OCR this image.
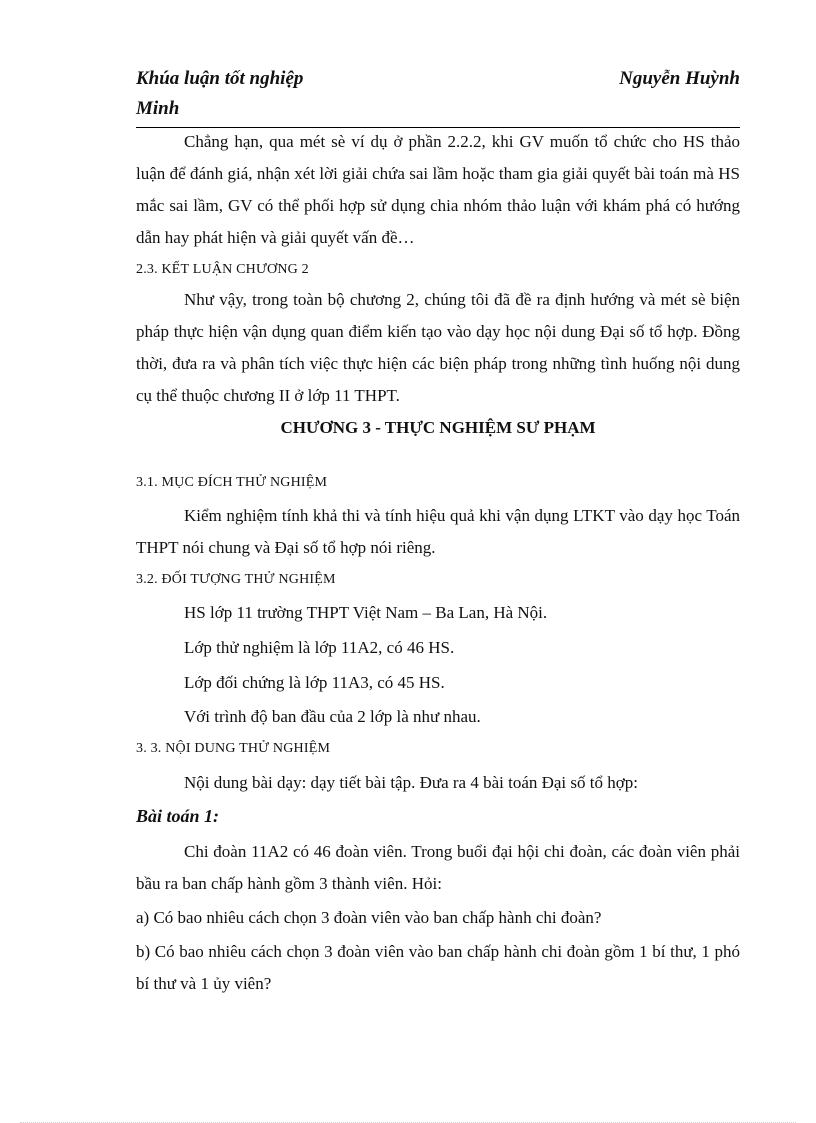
Khúa luận tốt nghiệp	Nguyễn Huỳnh
Minh

Chẳng hạn, qua mét sè ví dụ ở phần 2.2.2, khi GV muốn tổ chức cho HS thảo luận để đánh giá, nhận xét lời giải chứa sai lầm hoặc tham gia giải quyết bài toán mà HS mắc sai lầm, GV có thể phối hợp sử dụng chia nhóm thảo luận với khám phá có hướng dẫn hay phát hiện và giải quyết vấn đề…

2.3. KẾT LUẬN CHƯƠNG 2

Như vậy, trong toàn bộ chương 2, chúng tôi đã đề ra định hướng và mét sè biện pháp thực hiện vận dụng quan điểm kiến tạo vào dạy học nội dung Đại số tổ hợp. Đồng thời, đưa ra và phân tích việc thực hiện các biện pháp trong những tình huống nội dung cụ thể thuộc chương II ở lớp 11 THPT.

CHƯƠNG 3 - THỰC NGHIỆM SƯ PHẠM
3.1. MỤC ĐÍCH THỬ NGHIỆM

Kiểm nghiệm tính khả thi và tính hiệu quả khi vận dụng LTKT vào dạy học Toán THPT nói chung và Đại số tổ hợp nói riêng.

3.2. ĐỐI TƯỢNG THỬ NGHIỆM
HS lớp 11 trường THPT Việt Nam – Ba Lan, Hà Nội.
Lớp thử nghiệm là lớp 11A2, có 46 HS.
Lớp đối chứng là lớp 11A3, có 45 HS.
Với trình độ ban đầu của 2 lớp là như nhau.
3. 3. NỘI DUNG THỬ NGHIỆM
Nội dung bài dạy: dạy tiết bài tập. Đưa ra 4 bài toán Đại số tổ hợp:
Bài toán 1:

Chi đoàn 11A2 có 46 đoàn viên. Trong buổi đại hội chi đoàn, các đoàn viên phải bầu ra ban chấp hành gồm 3 thành viên. Hỏi:

a) Có bao nhiêu cách chọn 3 đoàn viên vào ban chấp hành chi đoàn?

b) Có bao nhiêu cách chọn 3 đoàn viên vào ban chấp hành chi đoàn gồm 1 bí thư, 1 phó bí thư và 1 ủy viên?
